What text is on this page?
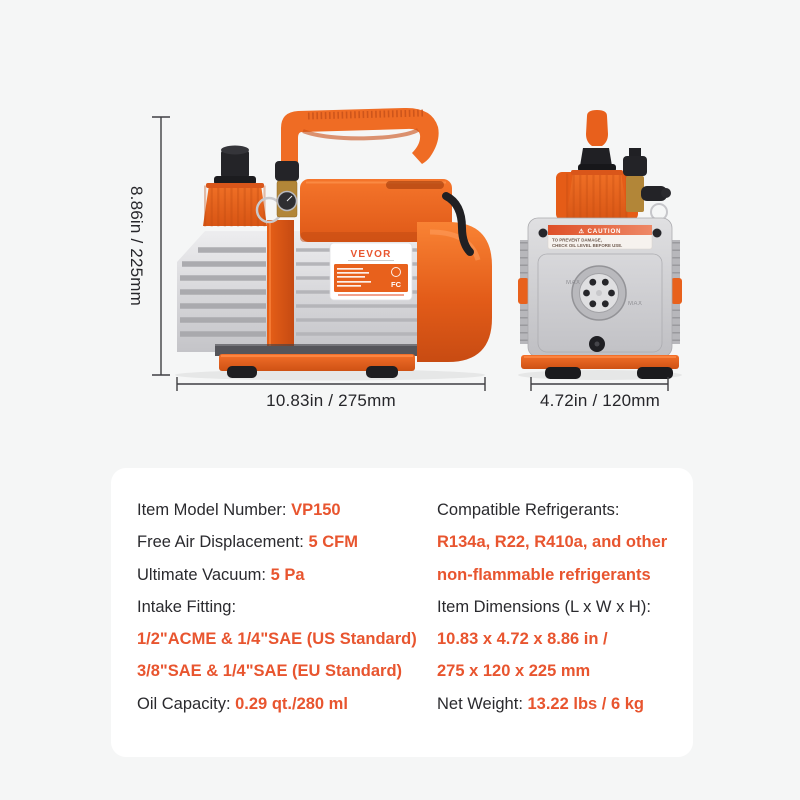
VEVOR
FC
⚠ CAUTION
TO PREVENT DAMAGE,
CHECK OIL LEVEL BEFORE USE.
MAX
MAX
8.86in / 225mm
10.83in / 275mm	4.72in / 120mm
Item Model Number: VP150
Free Air Displacement: 5 CFM
Ultimate Vacuum: 5 Pa
Intake Fitting:
1/2"ACME & 1/4"SAE (US Standard)
3/8"SAE & 1/4"SAE (EU Standard)
Oil Capacity: 0.29 qt./280 ml
Compatible Refrigerants:
R134a, R22, R410a, and other
non-flammable refrigerants
Item Dimensions (L x W x H):
10.83 x 4.72 x 8.86 in /
275 x 120 x 225 mm
Net Weight: 13.22 lbs / 6 kg
